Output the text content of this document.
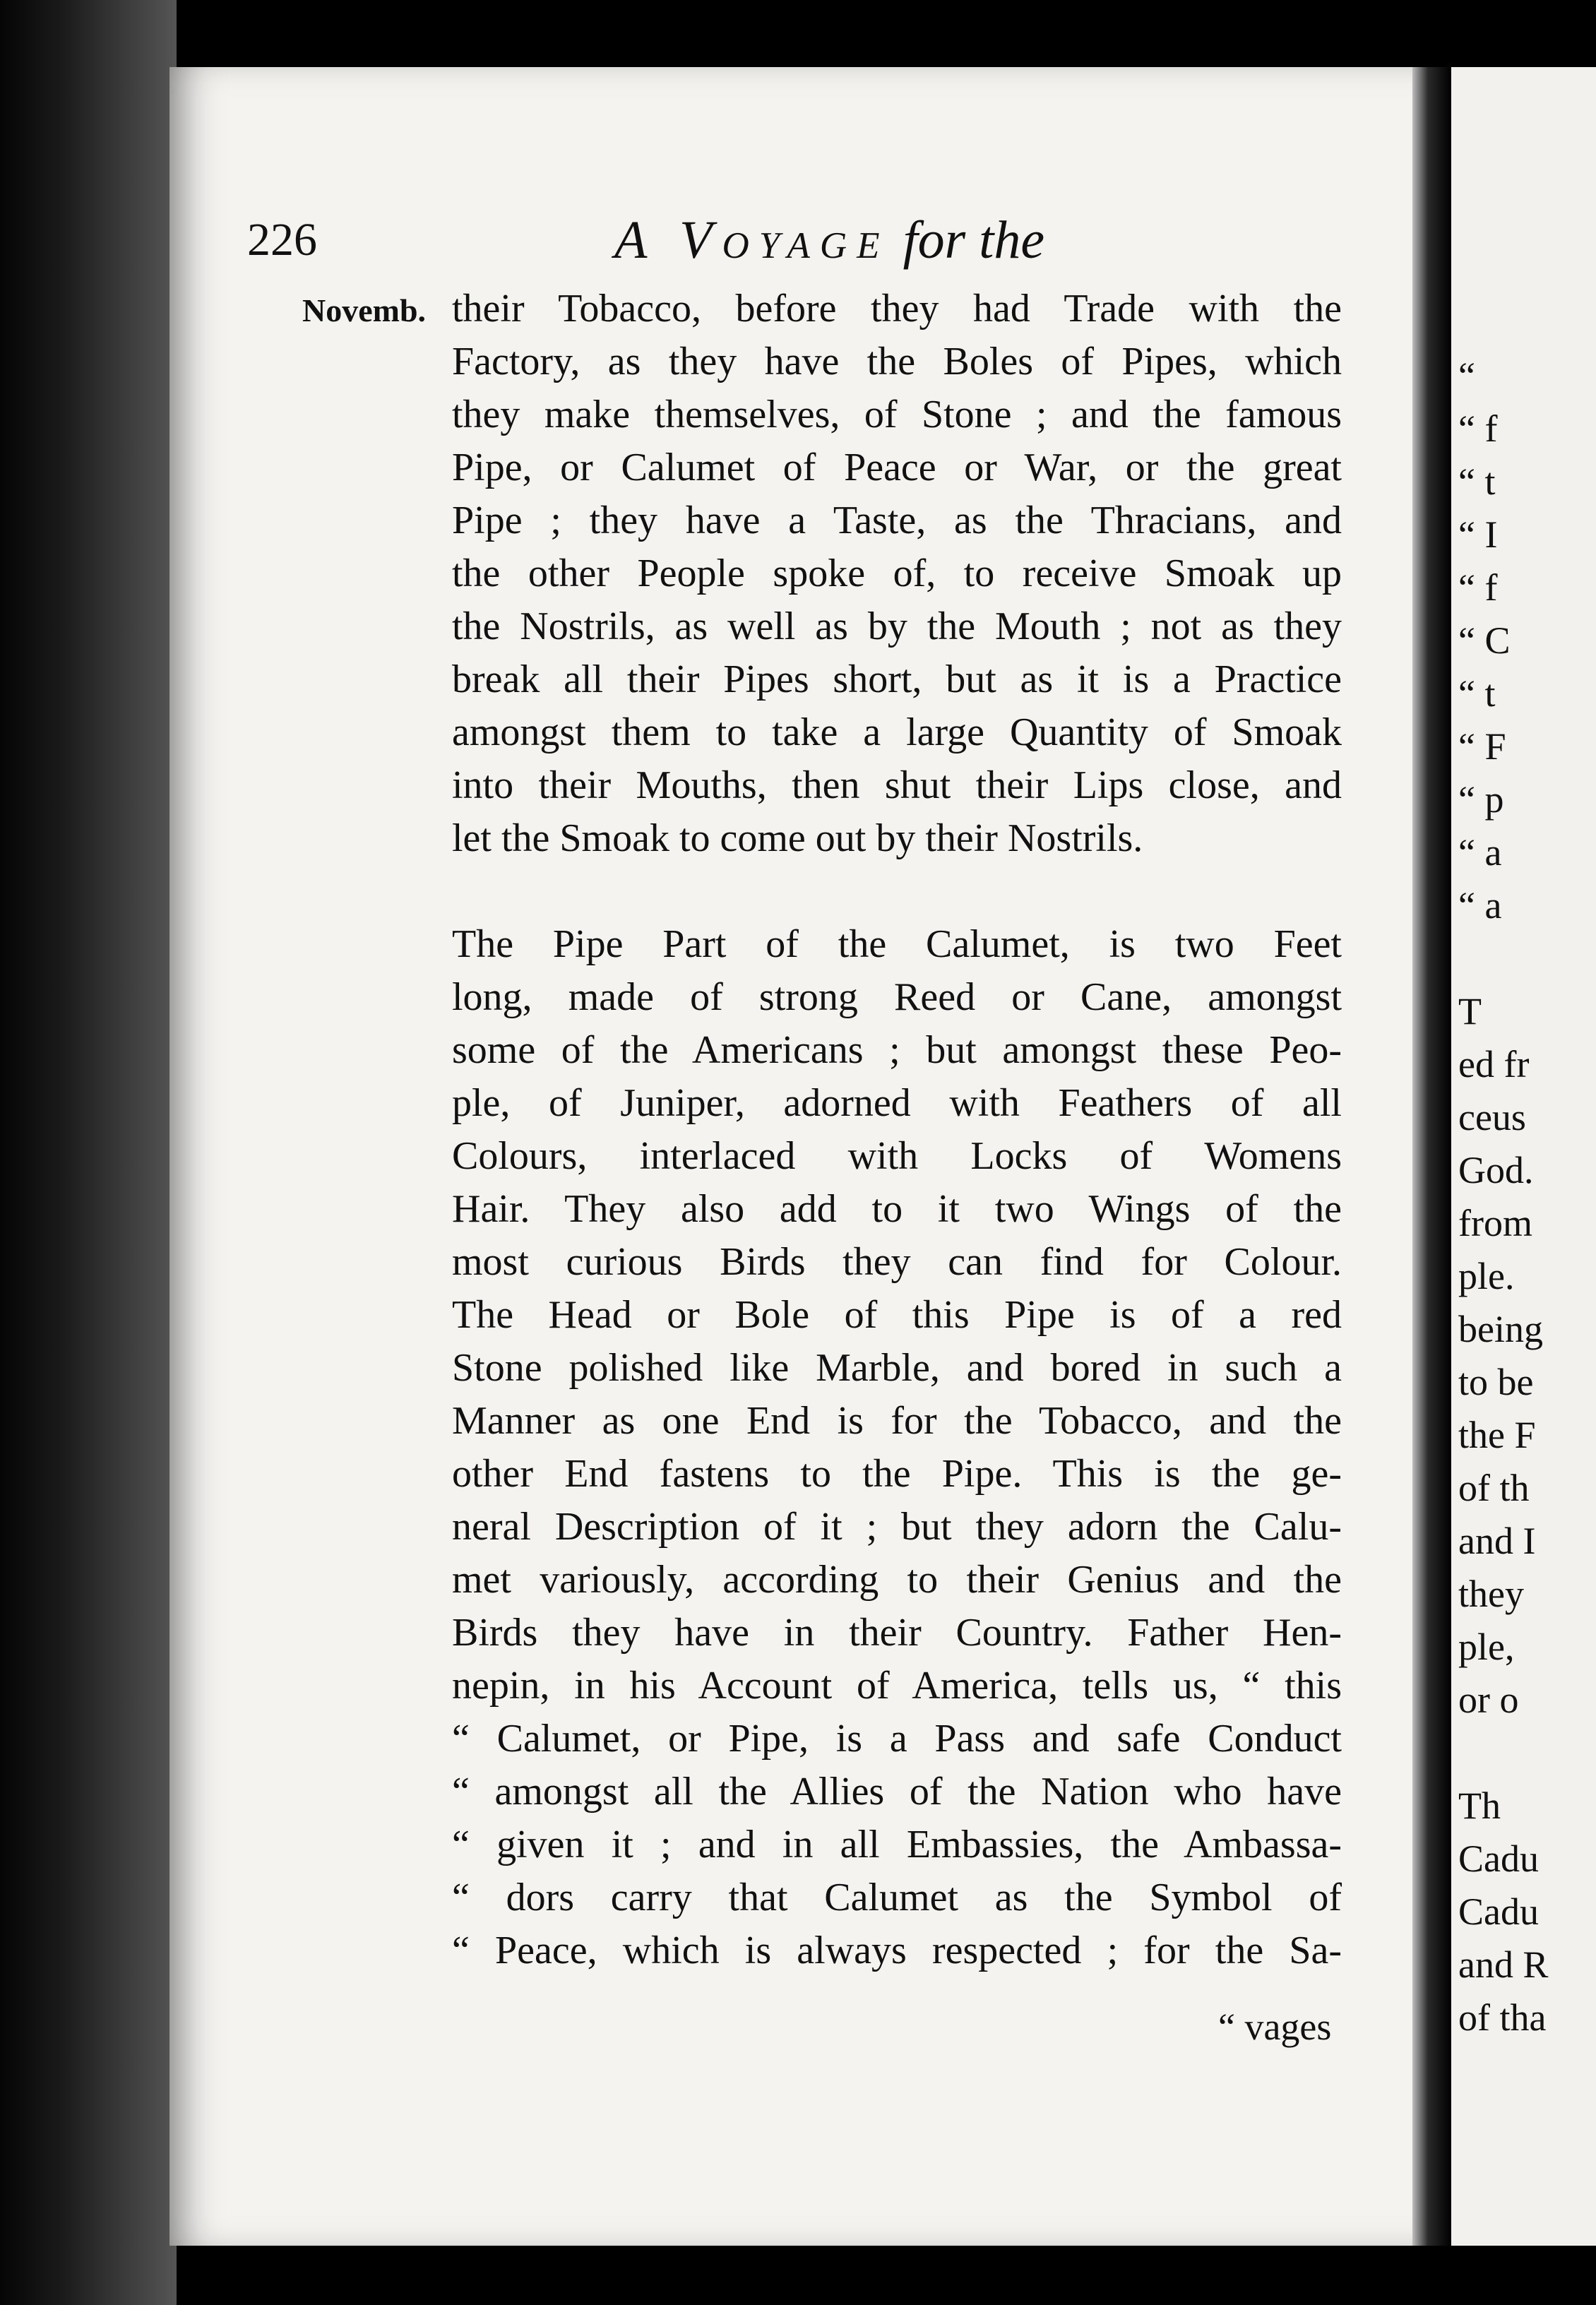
“
“ f
“ t
“ I
“ f
“ C
“ t
“ F
“ p
“ a
“ a
T
ed fr
ceus
God.
from
ple.
being
to be
the F
of th
and I
they
ple,
or o
Th
Cadu
Cadu
and R
of tha
226	A Voyage for the
Novemb. their Tobacco, before they had Trade with the
Factory, as they have the Boles of Pipes, which
they make themselves, of Stone ; and the famous
Pipe, or Calumet of Peace or War, or the great
Pipe ; they have a Taste, as the Thracians, and
the other People spoke of, to receive Smoak up
the Nostrils, as well as by the Mouth ; not as they
break all their Pipes short, but as it is a Practice
amongst them to take a large Quantity of Smoak
into their Mouths, then shut their Lips close, and
let the Smoak to come out by their Nostrils.
The Pipe Part of the Calumet, is two Feet
long, made of strong Reed or Cane, amongst
some of the Americans ; but amongst these Peo-
ple, of Juniper, adorned with Feathers of all
Colours, interlaced with Locks of Womens
Hair. They also add to it two Wings of the
most curious Birds they can find for Colour.
The Head or Bole of this Pipe is of a red
Stone polished like Marble, and bored in such a
Manner as one End is for the Tobacco, and the
other End fastens to the Pipe. This is the ge-
neral Description of it ; but they adorn the Calu-
met variously, according to their Genius and the
Birds they have in their Country. Father Hen-
nepin, in his Account of America, tells us, “ this
“ Calumet, or Pipe, is a Pass and safe Conduct
“ amongst all the Allies of the Nation who have
“ given it ; and in all Embassies, the Ambassa-
“ dors carry that Calumet as the Symbol of
“ Peace, which is always respected ; for the Sa-
“ vages
